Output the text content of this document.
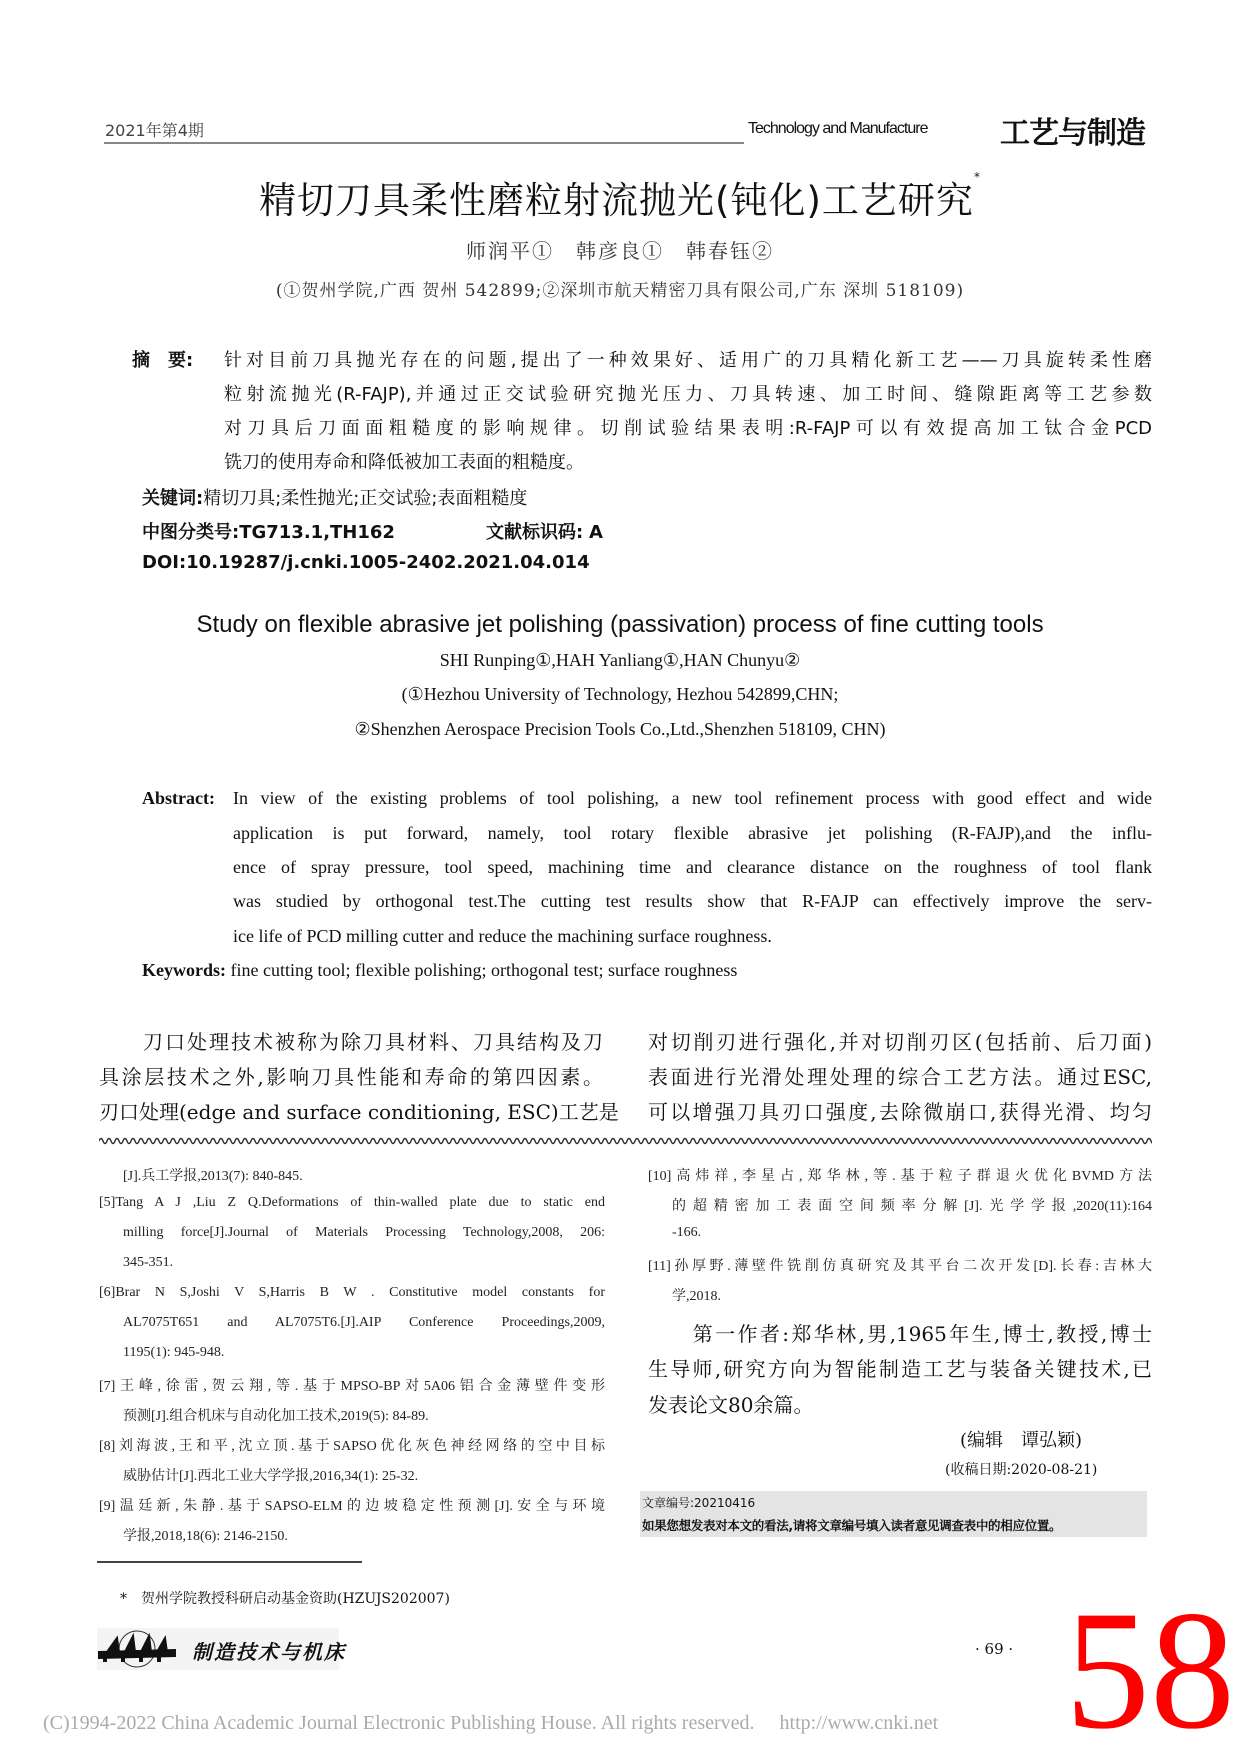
2021年第4期	Technology and Manufacture 工艺与制造
精切刀具柔性磨粒射流抛光(钝化)工艺研究*
师润平①　韩彦良①　韩春钰②
(①贺州学院,广西 贺州 542899;②深圳市航天精密刀具有限公司,广东 深圳 518109)
摘　要: 针对目前刀具抛光存在的问题,提出了一种效果好、适用广的刀具精化新工艺——刀具旋转柔性磨
粒射流抛光(R-FAJP),并通过正交试验研究抛光压力、刀具转速、加工时间、缝隙距离等工艺参数
对刀具后刀面面粗糙度的影响规律。切削试验结果表明:R-FAJP可以有效提高加工钛合金PCD
铣刀的使用寿命和降低被加工表面的粗糙度。
关键词:精切刀具;柔性抛光;正交试验;表面粗糙度
中图分类号:TG713.1,TH162	文献标识码: A
DOI:10.19287/j.cnki.1005-2402.2021.04.014
Study on flexible abrasive jet polishing (passivation) process of fine cutting tools
SHI Runping①,HAH Yanliang①,HAN Chunyu②
(①Hezhou University of Technology, Hezhou 542899,CHN;
②Shenzhen Aerospace Precision Tools Co.,Ltd.,Shenzhen 518109, CHN)
Abstract: In view of the existing problems of tool polishing, a new tool refinement process with good effect and wide
application is put forward, namely, tool rotary flexible abrasive jet polishing (R-FAJP),and the influ-
ence of spray pressure, tool speed, machining time and clearance distance on the roughness of tool flank
was studied by orthogonal test.The cutting test results show that R-FAJP can effectively improve the serv-
ice life of PCD milling cutter and reduce the machining surface roughness.
Keywords: fine cutting tool; flexible polishing; orthogonal test; surface roughness
　　刀口处理技术被称为除刀具材料、刀具结构及刀
具涂层技术之外,影响刀具性能和寿命的第四因素。
刃口处理(edge and surface conditioning, ESC)工艺是
对切削刃进行强化,并对切削刃区(包括前、后刀面)
表面进行光滑处理处理的综合工艺方法。通过ESC,
可以增强刀具刃口强度,去除微崩口,获得光滑、均匀
[J].兵工学报,2013(7): 840-845.
[5]Tang A J ,Liu Z Q.Deformations of thin-walled plate due to static end
milling force[J].Journal of Materials Processing Technology,2008, 206:
345-351.
[6]Brar N S,Joshi V S,Harris B W . Constitutive model constants for
AL7075T651 and AL7075T6.[J].AIP Conference Proceedings,2009,
1195(1): 945-948.
[7]王峰,徐雷,贺云翔,等.基于MPSO-BP对5A06铝合金薄壁件变形
预测[J].组合机床与自动化加工技术,2019(5): 84-89.
[8]刘海波,王和平,沈立顶.基于SAPSO优化灰色神经网络的空中目标
威胁估计[J].西北工业大学学报,2016,34(1): 25-32.
[9]温廷新,朱静.基于SAPSO-ELM的边坡稳定性预测[J].安全与环境
学报,2018,18(6): 2146-2150.
[10]高炜祥,李星占,郑华林,等.基于粒子群退火优化BVMD方法
的超精密加工表面空间频率分解[J].光学学报,2020(11):164
-166.
[11]孙厚野.薄壁件铣削仿真研究及其平台二次开发[D].长春:吉林大
学,2018.
　　第一作者:郑华林,男,1965年生,博士,教授,博士
生导师,研究方向为智能制造工艺与装备关键技术,已
发表论文80余篇。
(编辑　谭弘颖)
(收稿日期:2020-08-21)
文章编号:20210416
如果您想发表对本文的看法,请将文章编号填入读者意见调查表中的相应位置。
*　贺州学院教授科研启动基金资助(HZUJS202007)
制造技术与机床	· 69 ·
(C)1994-2022 China Academic Journal Electronic Publishing House. All rights reserved.　 http://www.cnki.net 58
